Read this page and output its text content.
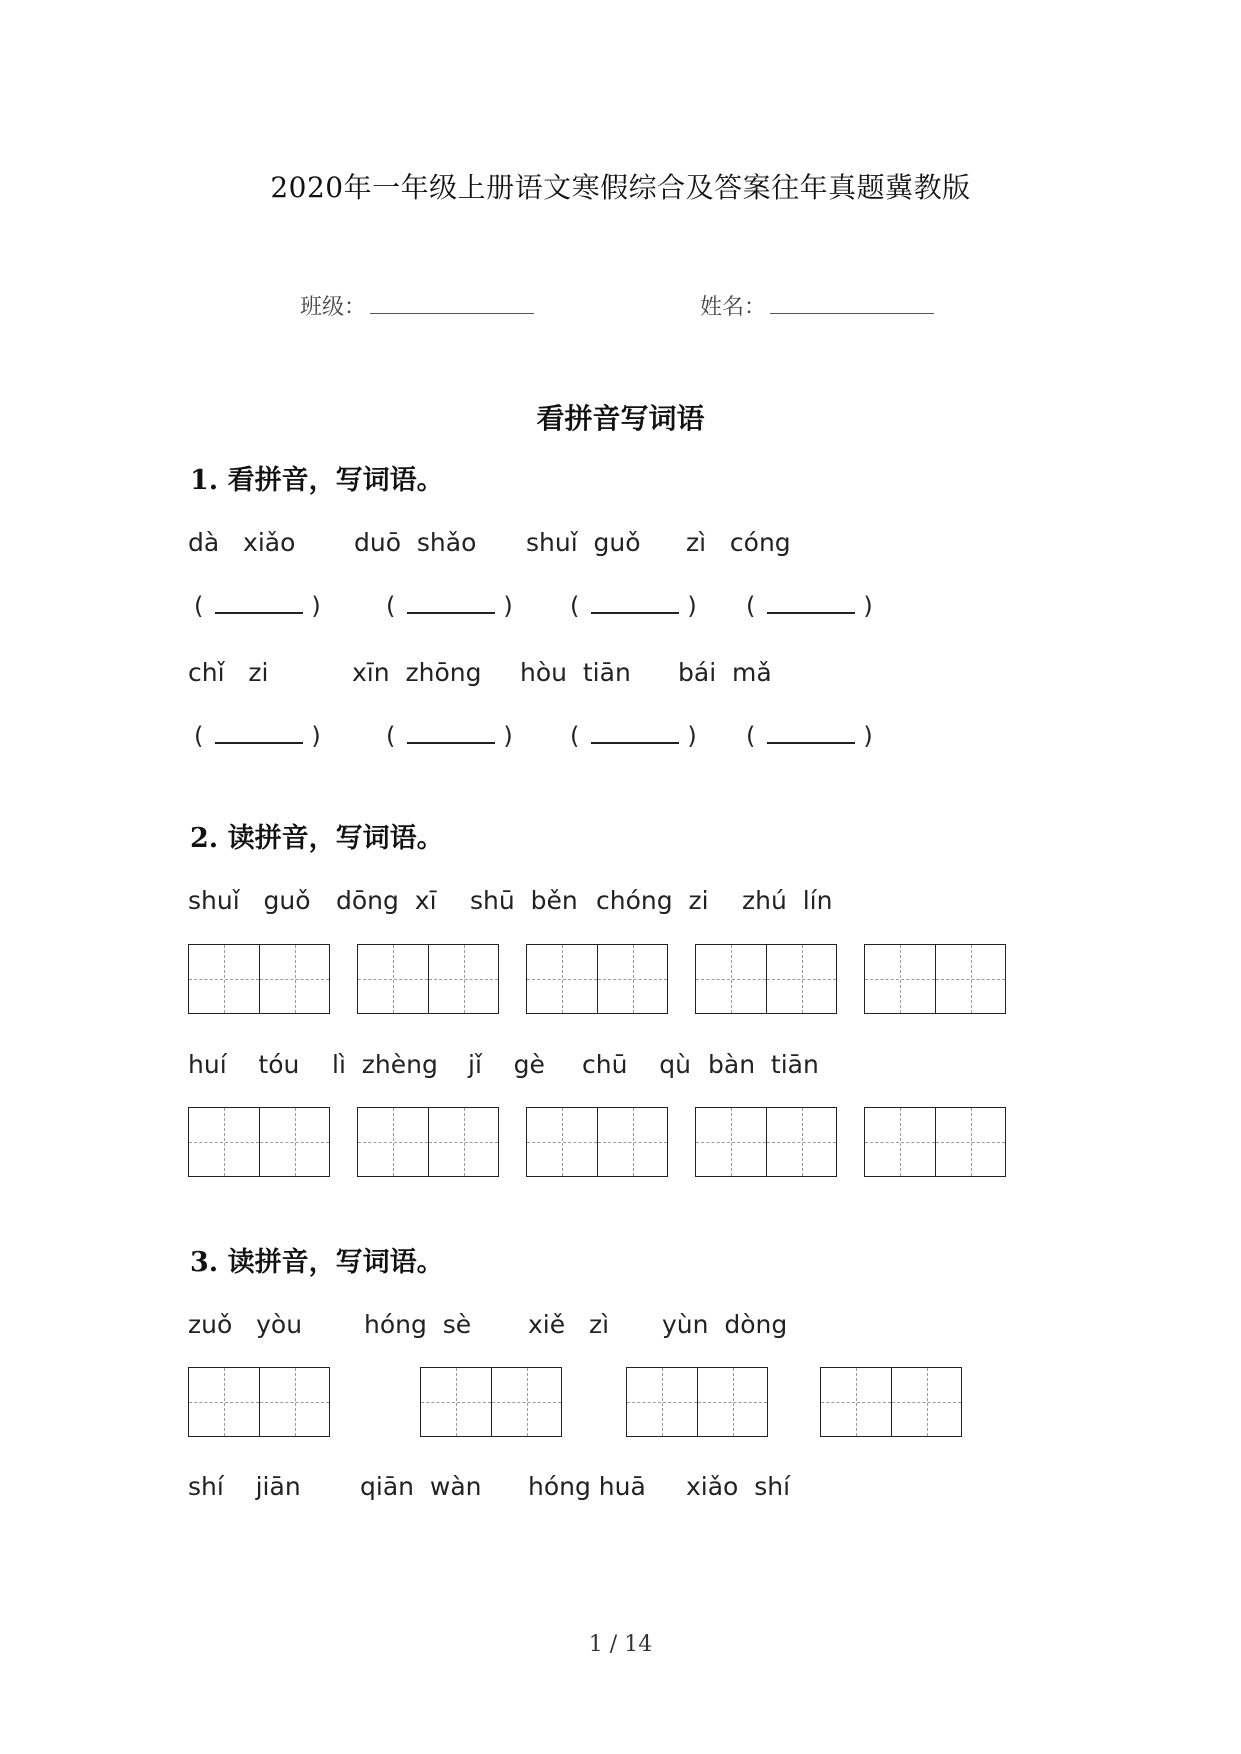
2020年一年级上册语文寒假综合及答案往年真题冀教版
班级：	姓名：
看拼音写词语
1. 看拼音，写词语。
dà   xiǎo duō  shǎo shuǐ  guǒ zì   cóng
(	)	(	) (	) (	)
chǐ   zi	xīn  zhōng hòu  tiān bái  mǎ
(	)	(	) (	) (	)
2. 读拼音，写词语。
shuǐ   guǒ dōng  xī shū  běn chóng  zi zhú  lín
huí    tóu lì  zhèng jǐ    gè chū    qù bàn  tiān
3. 读拼音，写词语。
zuǒ   yòu hóng  sè xiě   zì yùn  dòng
shí    jiān qiān  wàn hóng huā xiǎo  shí
1 / 14
